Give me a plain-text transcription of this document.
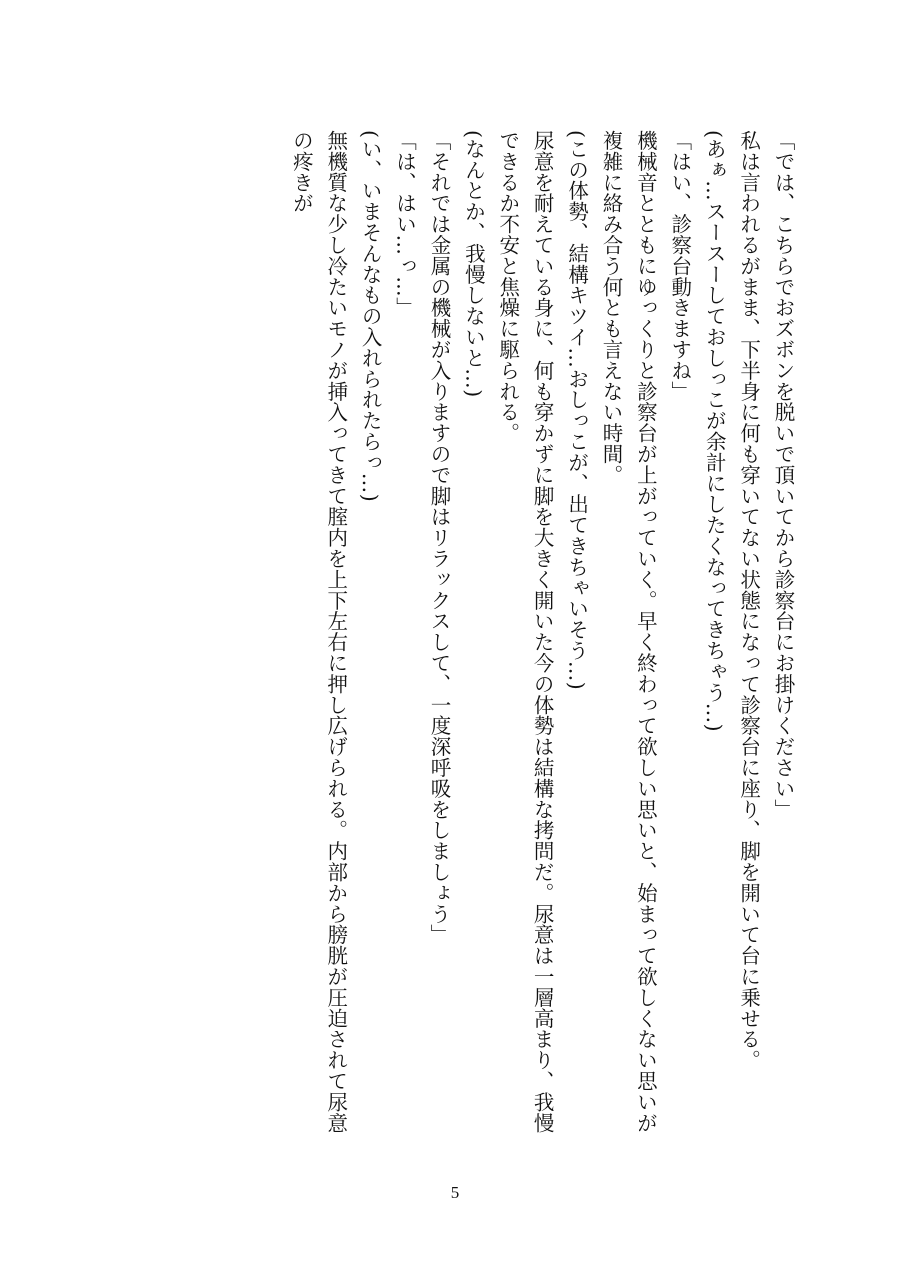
「では、こちらでおズボンを脱いで頂いてから診察台にお掛けください」

私は言われるがまま、下半身に何も穿いてない状態になって診察台に座り、脚を開いて台に乗せる。

(あぁ…スースーしておしっこが余計にしたくなってきちゃう…)

「はい、診察台動きますね」

機械音とともにゆっくりと診察台が上がっていく。早く終わって欲しい思いと、始まって欲しくない思いが複雑に絡み合う何とも言えない時間。

(この体勢、結構キツイ…おしっこが、出てきちゃいそう…)

尿意を耐えている身に、何も穿かずに脚を大きく開いた今の体勢は結構な拷問だ。尿意は一層高まり、我慢できるか不安と焦燥に駆られる。

(なんとか、我慢しないと…)

「それでは金属の機械が入りますので脚はリラックスして、一度深呼吸をしましょう」

「は、はい…っ…」

(い、いまそんなもの入れられたらっ…)

無機質な少し冷たいモノが挿入ってきて腟内を上下左右に押し広げられる。内部から膀胱が圧迫されて尿意の疼きが

5
